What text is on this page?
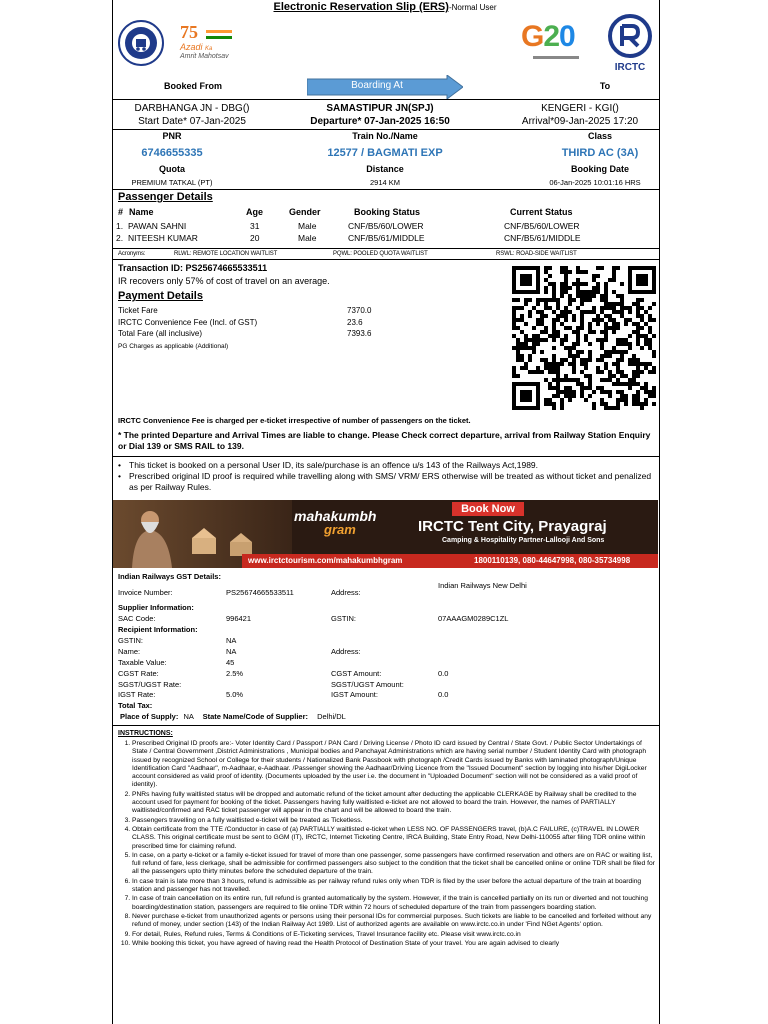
Electronic Reservation Slip (ERS)-Normal User
75
Azadi Ka
Amrit Mahotsav
G20
IRCTC
Booked From	Boarding At	To
DARBHANGA JN - DBG()
Start Date* 07-Jan-2025
SAMASTIPUR JN(SPJ)
Departure* 07-Jan-2025 16:50
KENGERI - KGI()
Arrival*09-Jan-2025 17:20
PNR	Train No./Name	Class
6746655335	12577 / BAGMATI EXP	THIRD AC (3A)
Quota	Distance	Booking Date
PREMIUM TATKAL (PT)	2914 KM	06-Jan-2025 10:01:16 HRS
Passenger Details
# Name	Age	Gender	Booking Status	Current Status
1. PAWAN SAHNI	31	Male	CNF/B5/60/LOWER	CNF/B5/60/LOWER
2. NITEESH KUMAR	20	Male	CNF/B5/61/MIDDLE	CNF/B5/61/MIDDLE
Acronyms:	RLWL: REMOTE LOCATION WAITLIST	PQWL: POOLED QUOTA WAITLIST	RSWL: ROAD-SIDE WAITLIST
Transaction ID: PS25674665533511
IR recovers only 57% of cost of travel on an average.
Payment Details
Ticket Fare	7370.0
IRCTC Convenience Fee (Incl. of GST)	23.6
Total Fare (all inclusive)	7393.6
PG Charges as applicable (Additional)
IRCTC Convenience Fee is charged per e-ticket irrespective of number of passengers on the ticket.
* The printed Departure and Arrival Times are liable to change. Please Check correct departure, arrival from Railway Station Enquiry or Dial 139 or SMS RAIL to 139.
• This ticket is booked on a personal User ID, its sale/purchase is an offence u/s 143 of the Railways Act,1989.
• Prescribed original ID proof is required while travelling along with SMS/ VRM/ ERS otherwise will be treated as without ticket and penalized as per Railway Rules.
mahakumbh
gram
Book Now
IRCTC Tent City, Prayagraj
Camping & Hospitality Partner-Lallooji And Sons
www.irctctourism.com/mahakumbhgram	1800110139, 080-44647998, 080-35734998
Indian Railways GST Details:
Invoice Number:	PS25674665533511	Address:
Indian Railways New Delhi
Supplier Information:
SAC Code:	996421	GSTIN:	07AAAGM0289C1ZL
Recipient Information:
GSTIN:	NA
Name:	NA	Address:
Taxable Value:	45
CGST Rate:	2.5%	CGST Amount:	0.0
SGST/UGST Rate:	SGST/UGST Amount:
IGST Rate:	5.0%	IGST Amount:	0.0
Total Tax:
Place of Supply: NA State Name/Code of Supplier: Delhi/DL
INSTRUCTIONS:
1. Prescribed Original ID proofs are:- Voter Identity Card / Passport / PAN Card / Driving License / Photo ID card issued by Central / State Govt. / Public Sector Undertakings of State / Central Government ,District Administrations , Municipal bodies and Panchayat Administrations which are having serial number / Student Identity Card with photograph issued by recognized School or College for their students / Nationalized Bank Passbook with photograph /Credit Cards issued by Banks with laminated photograph/Unique Identification Card "Aadhaar", m-Aadhaar, e-Aadhaar. /Passenger showing the Aadhaar/Driving Licence from the "Issued Document" section by logging into his/her DigiLocker account considered as valid proof of identity. (Documents uploaded by the user i.e. the document in "Uploaded Document" section will not be considered as a valid proof of identity).
2. PNRs having fully waitlisted status will be dropped and automatic refund of the ticket amount after deducting the applicable CLERKAGE by Railway shall be credited to the account used for payment for booking of the ticket. Passengers having fully waitlisted e-ticket are not allowed to board the train. However, the names of PARTIALLY waitlisted/confirmed and RAC ticket passenger will appear in the chart and will be allowed to board the train.
3. Passengers travelling on a fully waitlisted e-ticket will be treated as Ticketless.
4. Obtain certificate from the TTE /Conductor in case of (a) PARTIALLY waitlisted e-ticket when LESS NO. OF PASSENGERS travel, (b)A.C FAILURE, (c)TRAVEL IN LOWER CLASS. This original certificate must be sent to GGM (IT), IRCTC, Internet Ticketing Centre, IRCA Building, State Entry Road, New Delhi-110055 after filing TDR online within prescribed time for claiming refund.
5. In case, on a party e-ticket or a family e-ticket issued for travel of more than one passenger, some passengers have confirmed reservation and others are on RAC or waiting list, full refund of fare, less clerkage, shall be admissible for confirmed passengers also subject to the condition that the ticket shall be cancelled online or online TDR shall be filed for all the passengers upto thirty minutes before the scheduled departure of the train.
6. In case train is late more than 3 hours, refund is admissible as per railway refund rules only when TDR is filed by the user before the actual departure of the train at boarding station and passenger has not travelled.
7. In case of train cancellation on its entire run, full refund is granted automatically by the system. However, if the train is cancelled partially on its run or diverted and not touching boarding/destination station, passengers are required to file online TDR within 72 hours of scheduled departure of the train from passengers boarding station.
8. Never purchase e-ticket from unauthorized agents or persons using their personal IDs for commercial purposes. Such tickets are liable to be cancelled and forfeited without any refund of money, under section (143) of the Indian Railway Act 1989. List of authorized agents are available on www.irctc.co.in under 'Find NGet Agents' option.
9. For detail, Rules, Refund rules, Terms & Conditions of E-Ticketing services, Travel Insurance facility etc. Please visit www.irctc.co.in
10. While booking this ticket, you have agreed of having read the Health Protocol of Destination State of your travel. You are again advised to clearly
